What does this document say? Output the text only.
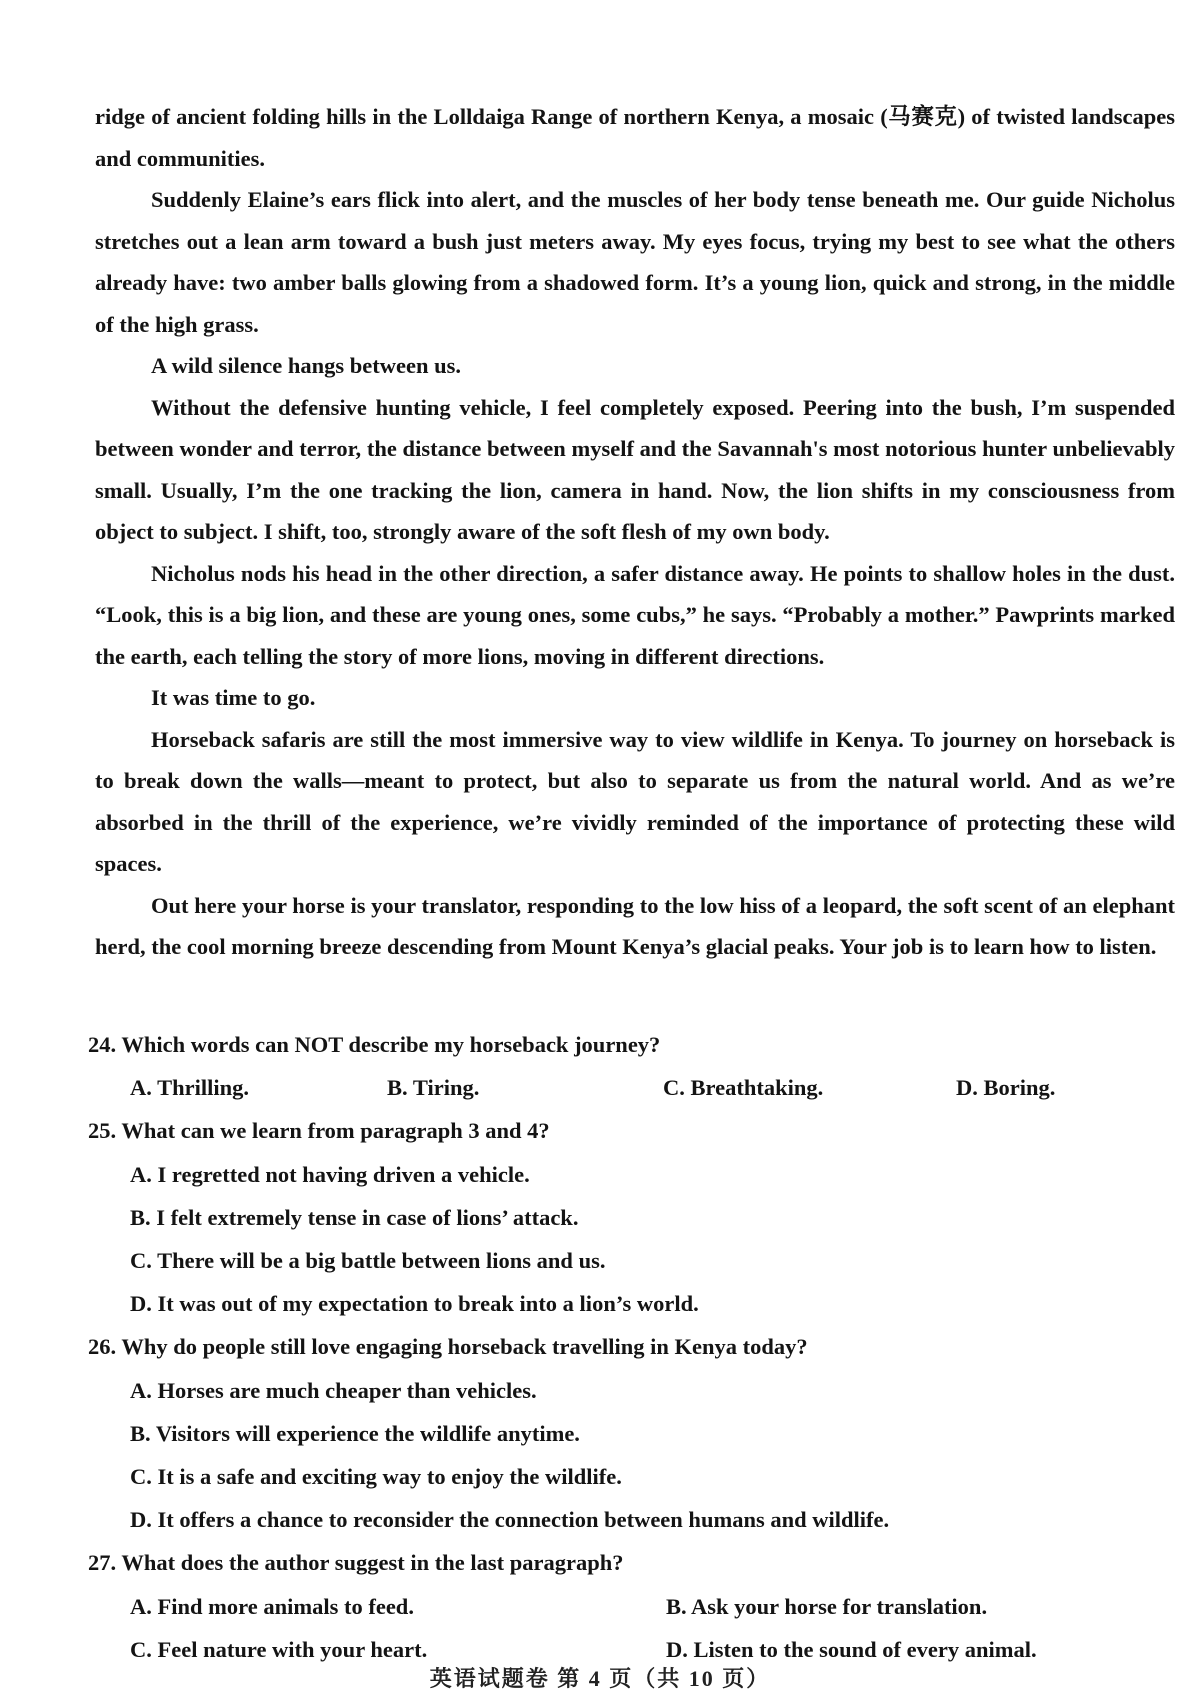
ridge of ancient folding hills in the Lolldaiga Range of northern Kenya, a mosaic (马赛克) of twisted landscapes and communities.

Suddenly Elaine’s ears flick into alert, and the muscles of her body tense beneath me. Our guide Nicholus stretches out a lean arm toward a bush just meters away. My eyes focus, trying my best to see what the others already have: two amber balls glowing from a shadowed form. It’s a young lion, quick and strong, in the middle of the high grass.

A wild silence hangs between us.

Without the defensive hunting vehicle, I feel completely exposed. Peering into the bush, I’m suspended between wonder and terror, the distance between myself and the Savannah's most notorious hunter unbelievably small. Usually, I’m the one tracking the lion, camera in hand. Now, the lion shifts in my consciousness from object to subject. I shift, too, strongly aware of the soft flesh of my own body.

Nicholus nods his head in the other direction, a safer distance away. He points to shallow holes in the dust. “Look, this is a big lion, and these are young ones, some cubs,” he says. “Probably a mother.” Pawprints marked the earth, each telling the story of more lions, moving in different directions.

It was time to go.

Horseback safaris are still the most immersive way to view wildlife in Kenya. To journey on horseback is to break down the walls—meant to protect, but also to separate us from the natural world. And as we’re absorbed in the thrill of the experience, we’re vividly reminded of the importance of protecting these wild spaces.

Out here your horse is your translator, responding to the low hiss of a leopard, the soft scent of an elephant herd, the cool morning breeze descending from Mount Kenya’s glacial peaks. Your job is to learn how to listen.

24. Which words can NOT describe my horseback journey?

A. Thrilling.	B. Tiring.	C. Breathtaking.	D. Boring.

25. What can we learn from paragraph 3 and 4?

A. I regretted not having driven a vehicle.

B. I felt extremely tense in case of lions’ attack.

C. There will be a big battle between lions and us.

D. It was out of my expectation to break into a lion’s world.

26. Why do people still love engaging horseback travelling in Kenya today?

A. Horses are much cheaper than vehicles.

B. Visitors will experience the wildlife anytime.

C. It is a safe and exciting way to enjoy the wildlife.

D. It offers a chance to reconsider the connection between humans and wildlife.

27. What does the author suggest in the last paragraph?

A. Find more animals to feed.	B. Ask your horse for translation.
C. Feel nature with your heart.	D. Listen to the sound of every animal.
英语试题卷 第 4 页（共 10 页）
